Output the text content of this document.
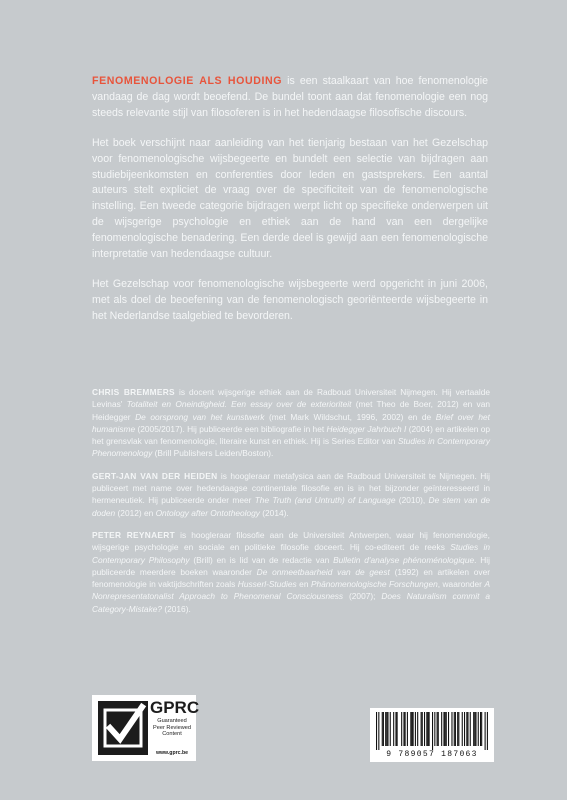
FENOMENOLOGIE ALS HOUDING is een staalkaart van hoe fenomenologie vandaag de dag wordt beoefend. De bundel toont aan dat fenomenologie een nog steeds relevante stijl van filosoferen is in het hedendaagse filosofische discours.

Het boek verschijnt naar aanleiding van het tienjarig bestaan van het Gezelschap voor fenomenologische wijsbegeerte en bundelt een selectie van bijdragen aan studiebijeenkomsten en conferenties door leden en gastsprekers. Een aantal auteurs stelt expliciet de vraag over de specificiteit van de fenomenologische instelling. Een tweede categorie bijdragen werpt licht op specifieke onderwerpen uit de wijsgerige psychologie en ethiek aan de hand van een dergelijke fenomenologische benadering. Een derde deel is gewijd aan een fenomenologische interpretatie van hedendaagse cultuur.

Het Gezelschap voor fenomenologische wijsbegeerte werd opgericht in juni 2006, met als doel de beoefening van de fenomenologisch georiënteerde wijsbegeerte in het Nederlandse taalgebied te bevorderen.

CHRIS BREMMERS is docent wijsgerige ethiek aan de Radboud Universiteit Nijmegen. Hij vertaalde Levinas' Totaliteit en Oneindigheid. Een essay over de exterioriteit (met Theo de Boer, 2012) en van Heidegger De oorsprong van het kunstwerk (met Mark Wildschut, 1996, 2002) en de Brief over het humanisme (2005/2017). Hij publiceerde een bibliografie in het Heidegger Jahrbuch I (2004) en artikelen op het grensvlak van fenomenologie, literaire kunst en ethiek. Hij is Series Editor van Studies in Contemporary Phenomenology (Brill Publishers Leiden/Boston).

GERT-JAN VAN DER HEIDEN is hoogleraar metafysica aan de Radboud Universiteit te Nijmegen. Hij publiceert met name over hedendaagse continentale filosofie en is in het bijzonder geïnteresseerd in hermeneutiek. Hij publiceerde onder meer The Truth (and Untruth) of Language (2010), De stem van de doden (2012) en Ontology after Ontotheology (2014).

PETER REYNAERT is hoogleraar filosofie aan de Universiteit Antwerpen, waar hij fenomenologie, wijsgerige psychologie en sociale en politieke filosofie doceert. Hij co-editeert de reeks Studies in Contemporary Philosophy (Brill) en is lid van de redactie van Bulletin d'analyse phénoménologique. Hij publiceerde meerdere boeken waaronder De onmeetbaarheid van de geest (1992) en artikelen over fenomenologie in vaktijdschriften zoals Husserl-Studies en Phänomenologische Forschungen, waaronder A Nonrepresentatonalist Approach to Phenomenal Consciousness (2007); Does Naturalism commit a Category-Mistake? (2016).

GPRC
Guaranteed
Peer Reviewed
Content
www.gprc.be	9 789057 187063
